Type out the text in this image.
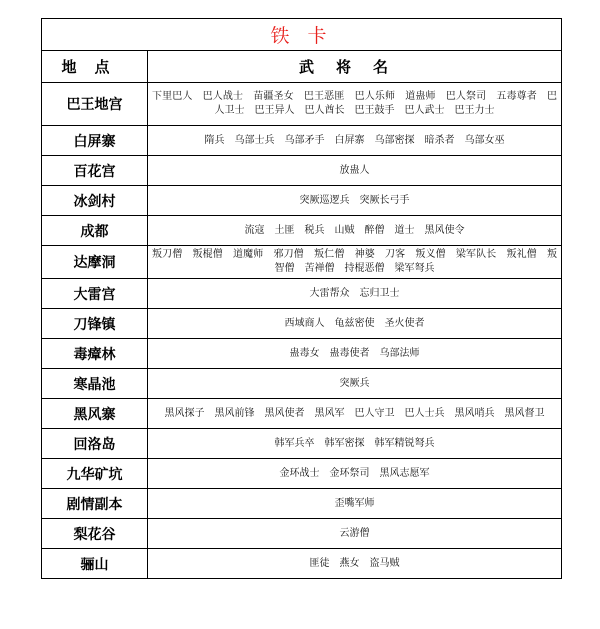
铁 卡	
地点	武将名
巴王地宫	下里巴人　巴人战士　苗疆圣女　巴王恶匪　巴人乐师　道蛊师　巴人祭司　五毒尊者　巴人卫士　巴王异人　巴人酋长　巴王鼓手　巴人武士　巴王力士
白屏寨	隋兵　乌部士兵　乌部矛手　白屏寨　乌部密探　暗杀者　乌部女巫
百花宫	放蛊人
冰剑村	突厥巡逻兵　突厥长弓手
成都	流寇　土匪　税兵　山贼　醉僧　道士　黑风使令
达摩洞	叛刀僧　叛棍僧　道魔师　邪刀僧　叛仁僧　神婆　刀客　叛义僧　梁军队长　叛礼僧　叛智僧　苦禅僧　持棍恶僧　梁军弩兵
大雷宫	大雷帮众　忘归卫士
刀锋镇	西域商人　龟兹密使　圣火使者
毒瘴林	蛊毒女　蛊毒使者　乌部法师
寒晶池	突厥兵
黑风寨	黑风探子　黑风前锋　黑风使者　黑风军　巴人守卫　巴人士兵　黑风哨兵　黑风督卫
回洛岛	韩军兵卒　韩军密探　韩军精锐弩兵
九华矿坑	金环战士　金环祭司　黑风志愿军
剧情副本	歪嘴军师
梨花谷	云游僧
骊山	匪徒　燕女　盗马贼
